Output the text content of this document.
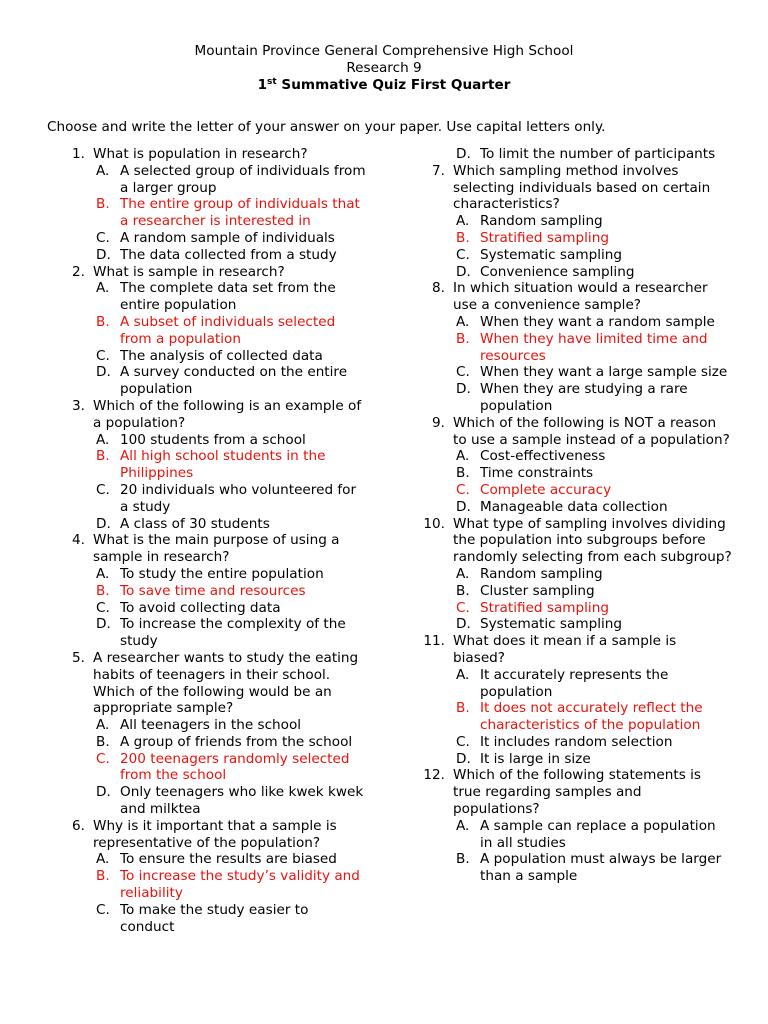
Mountain Province General Comprehensive High School
Research 9
1st Summative Quiz First Quarter
Choose and write the letter of your answer on your paper. Use capital letters only.
1. What is population in research?
A. A selected group of individuals from a larger group
B. The entire group of individuals that a researcher is interested in
C. A random sample of individuals
D. The data collected from a study
2. What is sample in research?
A. The complete data set from the entire population
B. A subset of individuals selected from a population
C. The analysis of collected data
D. A survey conducted on the entire population
3. Which of the following is an example of a population?
A. 100 students from a school
B. All high school students in the Philippines
C. 20 individuals who volunteered for a study
D. A class of 30 students
4. What is the main purpose of using a sample in research?
A. To study the entire population
B. To save time and resources
C. To avoid collecting data
D. To increase the complexity of the study
5. A researcher wants to study the eating habits of teenagers in their school. Which of the following would be an appropriate sample?
A. All teenagers in the school
B. A group of friends from the school
C. 200 teenagers randomly selected from the school
D. Only teenagers who like kwek kwek and milktea
6. Why is it important that a sample is representative of the population?
A. To ensure the results are biased
B. To increase the study’s validity and reliability
C. To make the study easier to conduct
D. To limit the number of participants
7. Which sampling method involves selecting individuals based on certain characteristics?
A. Random sampling
B. Stratified sampling
C. Systematic sampling
D. Convenience sampling
8. In which situation would a researcher use a convenience sample?
A. When they want a random sample
B. When they have limited time and resources
C. When they want a large sample size
D. When they are studying a rare population
9. Which of the following is NOT a reason to use a sample instead of a population?
A. Cost-effectiveness
B. Time constraints
C. Complete accuracy
D. Manageable data collection
10. What type of sampling involves dividing the population into subgroups before randomly selecting from each subgroup?
A. Random sampling
B. Cluster sampling
C. Stratified sampling
D. Systematic sampling
11. What does it mean if a sample is biased?
A. It accurately represents the population
B. It does not accurately reflect the characteristics of the population
C. It includes random selection
D. It is large in size
12. Which of the following statements is true regarding samples and populations?
A. A sample can replace a population in all studies
B. A population must always be larger than a sample
